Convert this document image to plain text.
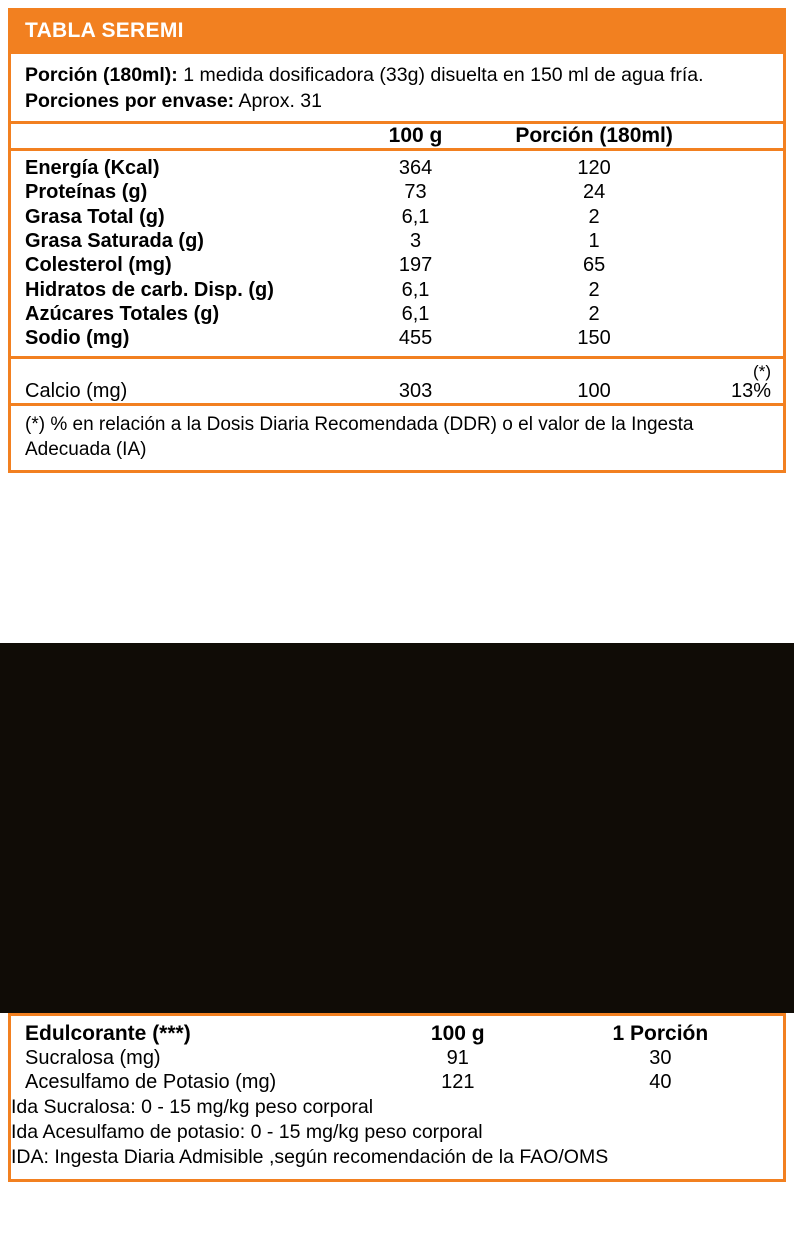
TABLA SEREMI
Porción (180ml): 1 medida dosificadora (33g) disuelta en 150 ml de agua fría.
Porciones por envase: Aprox. 31
	100 g	Porción (180ml)	

Energía (Kcal)	364	120	
Proteínas (g)	73	24	
Grasa Total (g)	6,1	2	
Grasa Saturada (g)	3	1	
Colesterol (mg)	197	65	
Hidratos de carb. Disp. (g)	6,1	2	
Azúcares Totales (g)	6,1	2	
Sodio (mg)	455	150	

			(*)
Calcio (mg)	303	100	13%
(*) % en relación a la Dosis Diaria Recomendada (DDR) o el valor de la Ingesta Adecuada (IA)
Edulcorante (***)	100 g	1 Porción
Sucralosa (mg)	91	30
Acesulfamo de Potasio (mg)	121	40
Ida Sucralosa: 0 - 15 mg/kg peso corporal		
Ida Acesulfamo de potasio: 0 - 15 mg/kg peso corporal		
IDA: Ingesta Diaria Admisible ,según recomendación de la FAO/OMS		
